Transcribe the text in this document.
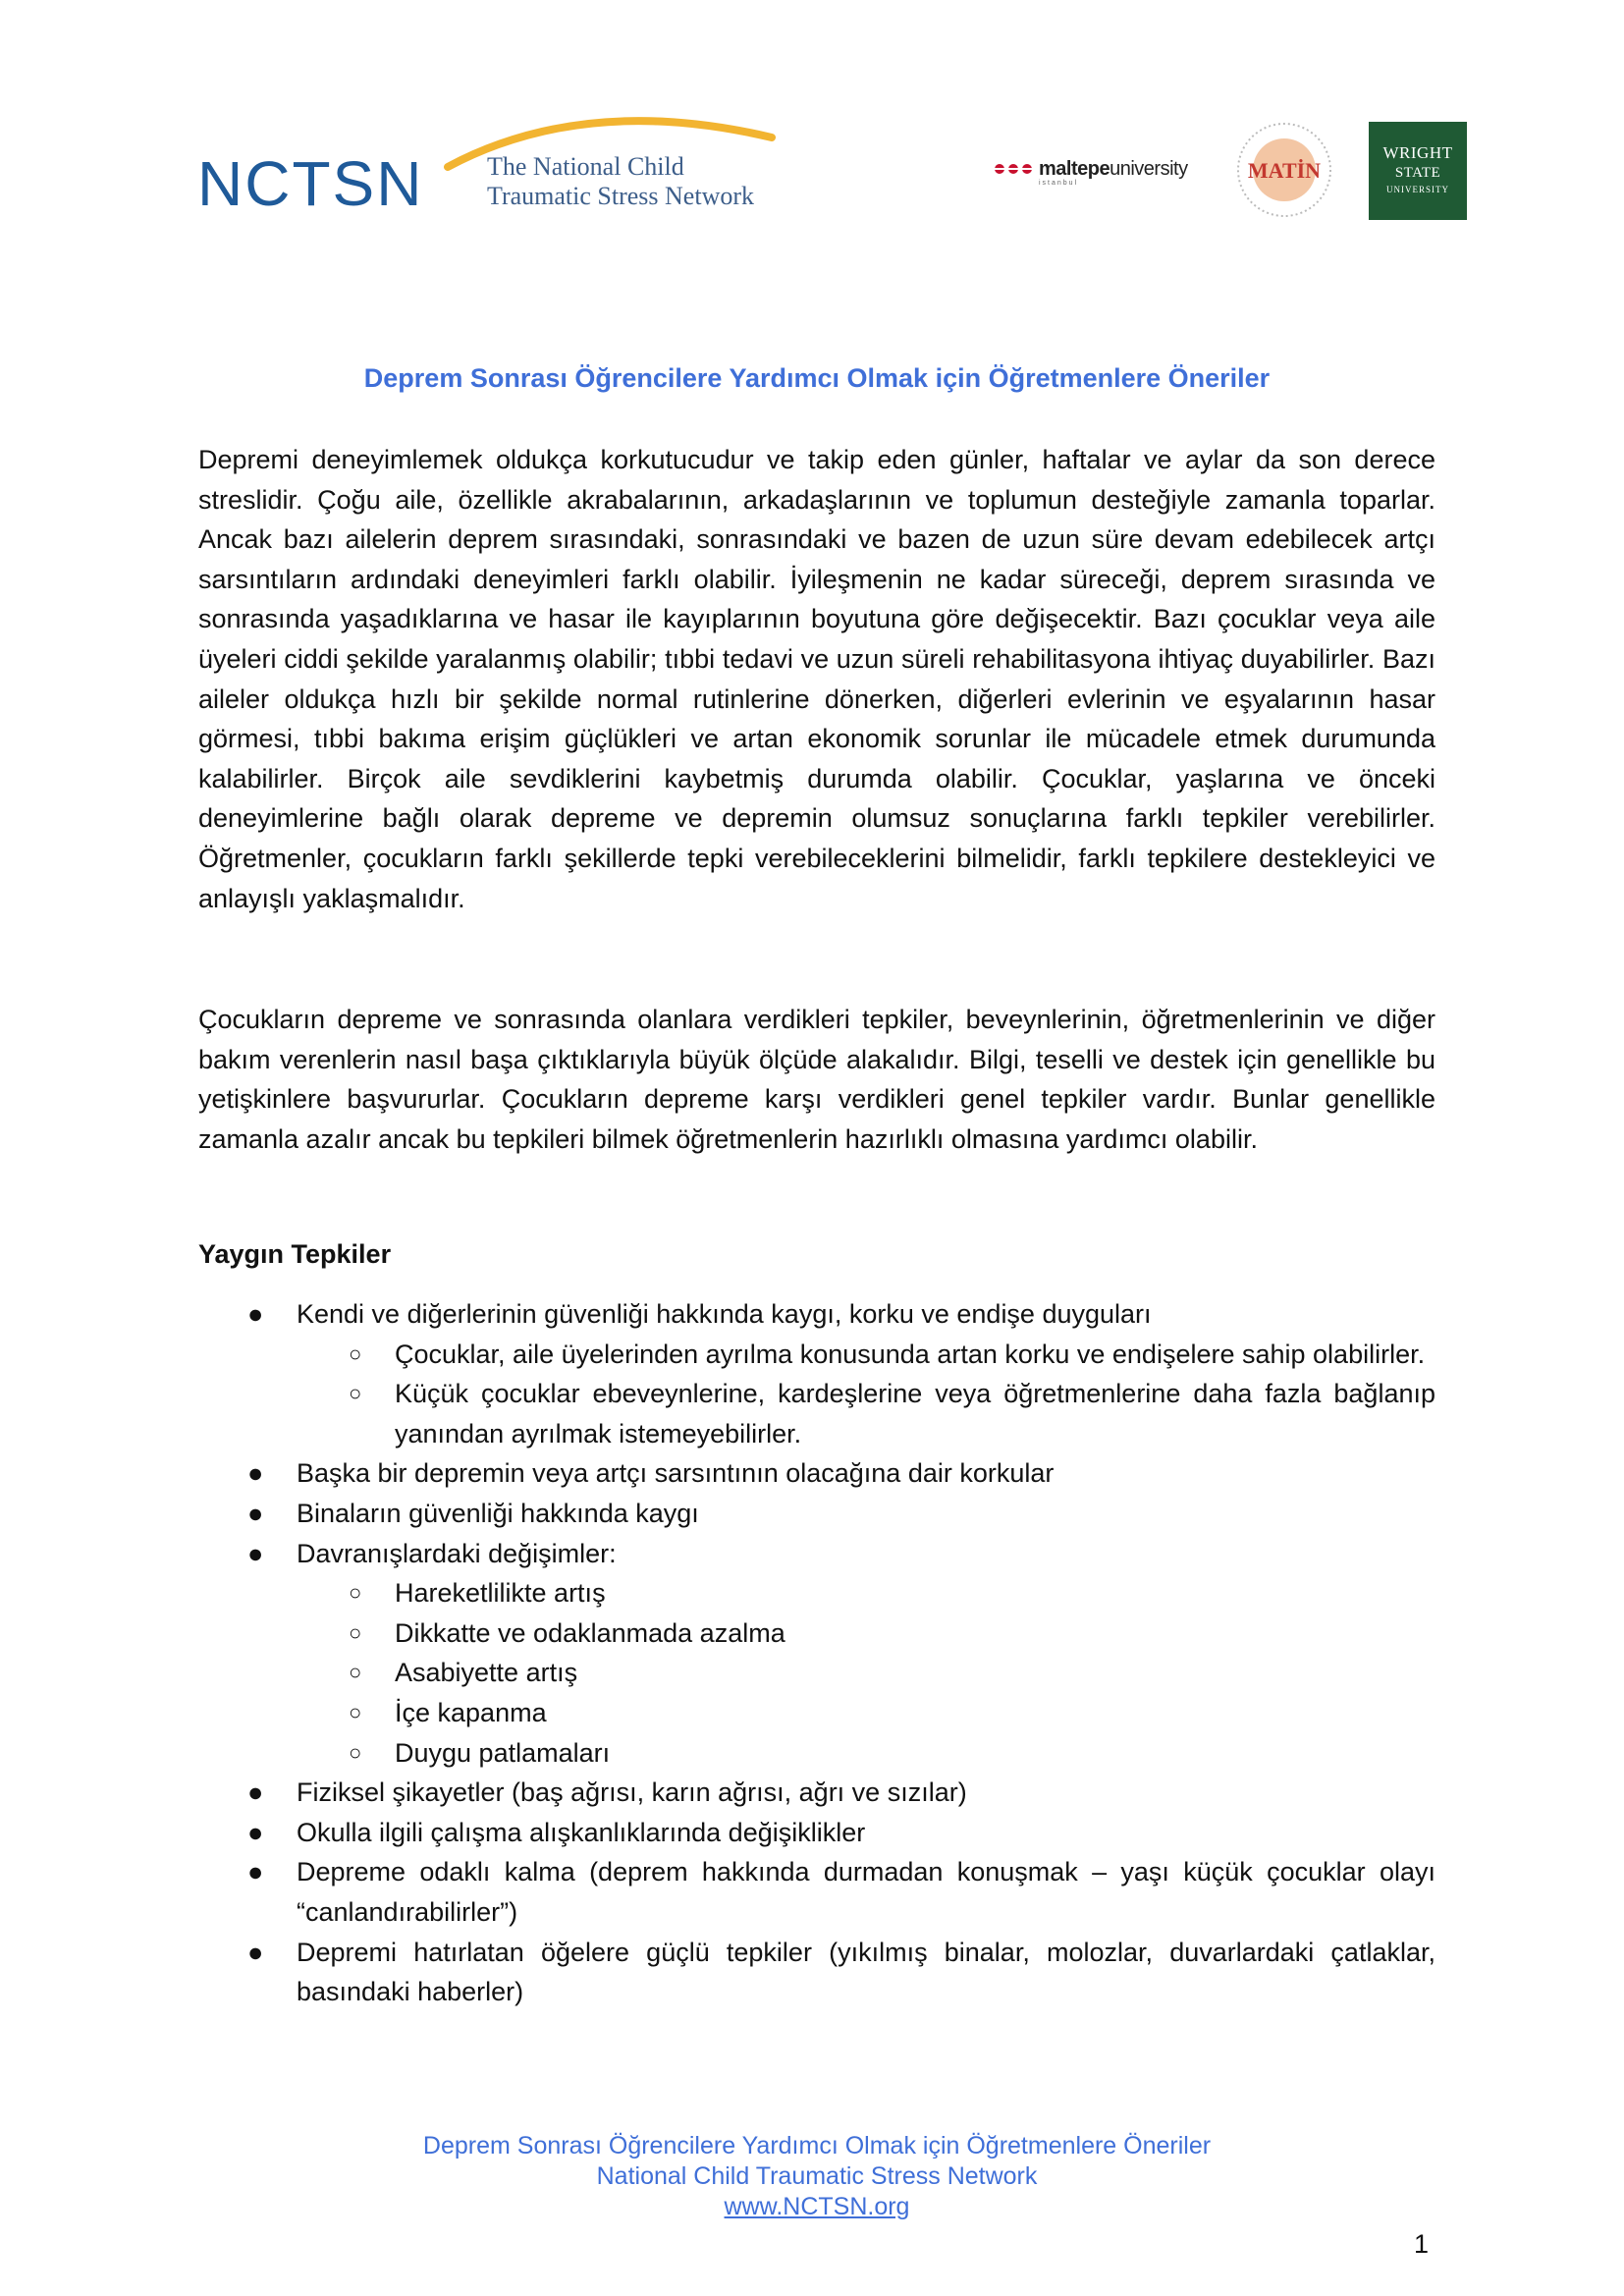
NCTSN The National Child
Traumatic Stress Network
maltepeuniversity
istanbul
MATİN
WRIGHT
STATE
UNIVERSITY
Deprem Sonrası Öğrencilere Yardımcı Olmak için Öğretmenlere Öneriler

Depremi deneyimlemek oldukça korkutucudur ve takip eden günler, haftalar ve aylar da son derece streslidir. Çoğu aile, özellikle akrabalarının, arkadaşlarının ve toplumun desteğiyle zamanla toparlar. Ancak bazı ailelerin deprem sırasındaki, sonrasındaki ve bazen de uzun süre devam edebilecek artçı sarsıntıların ardındaki deneyimleri farklı olabilir. İyileşmenin ne kadar süreceği, deprem sırasında ve sonrasında yaşadıklarına ve hasar ile kayıplarının boyutuna göre değişecektir. Bazı çocuklar veya aile üyeleri ciddi şekilde yaralanmış olabilir; tıbbi tedavi ve uzun süreli rehabilitasyona ihtiyaç duyabilirler. Bazı aileler oldukça hızlı bir şekilde normal rutinlerine dönerken, diğerleri evlerinin ve eşyalarının hasar görmesi, tıbbi bakıma erişim güçlükleri ve artan ekonomik sorunlar ile mücadele etmek durumunda kalabilirler. Birçok aile sevdiklerini kaybetmiş durumda olabilir. Çocuklar, yaşlarına ve önceki deneyimlerine bağlı olarak depreme ve depremin olumsuz sonuçlarına farklı tepkiler verebilirler. Öğretmenler, çocukların farklı şekillerde tepki verebileceklerini bilmelidir, farklı tepkilere destekleyici ve anlayışlı yaklaşmalıdır.

Çocukların depreme ve sonrasında olanlara verdikleri tepkiler, beveynlerinin, öğretmenlerinin ve diğer bakım verenlerin nasıl başa çıktıklarıyla büyük ölçüde alakalıdır. Bilgi, teselli ve destek için genellikle bu yetişkinlere başvururlar. Çocukların depreme karşı verdikleri genel tepkiler vardır. Bunlar genellikle zamanla azalır ancak bu tepkileri bilmek öğretmenlerin hazırlıklı olmasına yardımcı olabilir.

Yaygın Tepkiler
● Kendi ve diğerlerinin güvenliği hakkında kaygı, korku ve endişe duyguları
○ Çocuklar, aile üyelerinden ayrılma konusunda artan korku ve endişelere sahip olabilirler.
○ Küçük çocuklar ebeveynlerine, kardeşlerine veya öğretmenlerine daha fazla bağlanıp yanından ayrılmak istemeyebilirler.
● Başka bir depremin veya artçı sarsıntının olacağına dair korkular
● Binaların güvenliği hakkında kaygı
● Davranışlardaki değişimler:
○ Hareketlilikte artış
○ Dikkatte ve odaklanmada azalma
○ Asabiyette artış
○ İçe kapanma
○ Duygu patlamaları
● Fiziksel şikayetler (baş ağrısı, karın ağrısı, ağrı ve sızılar)
● Okulla ilgili çalışma alışkanlıklarında değişiklikler
● Depreme odaklı kalma (deprem hakkında durmadan konuşmak – yaşı küçük çocuklar olayı “canlandırabilirler”)
● Depremi hatırlatan öğelere güçlü tepkiler (yıkılmış binalar, molozlar, duvarlardaki çatlaklar, basındaki haberler)
Deprem Sonrası Öğrencilere Yardımcı Olmak için Öğretmenlere Öneriler
National Child Traumatic Stress Network
www.NCTSN.org
1
